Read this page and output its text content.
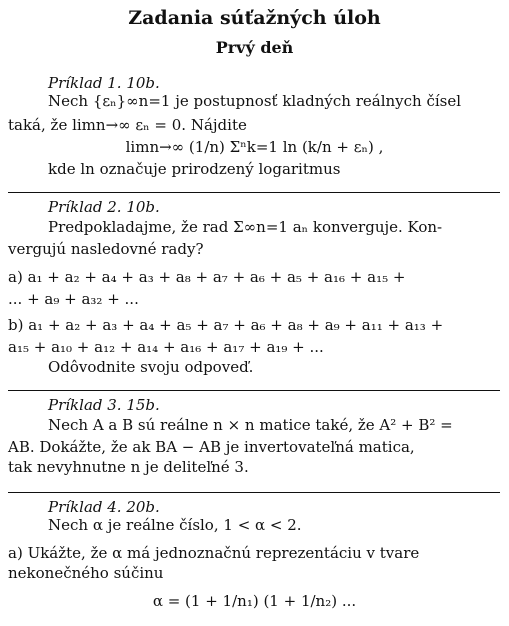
Zadania súťažných úloh
Prvý deň
Príklad 1. 10b.
Nech {εₙ}∞n=1 je postupnosť kladných reálnych čísel
taká, že limn→∞ εₙ = 0. Nájdite
limn→∞ (1/n) Σⁿk=1 ln (k/n + εₙ) ,
kde ln označuje prirodzený logaritmus
Príklad 2. 10b.
Predpokladajme, že rad Σ∞n=1 aₙ konverguje. Kon-
vergujú nasledovné rady?
a) a₁ + a₂ + a₄ + a₃ + a₈ + a₇ + a₆ + a₅ + a₁₆ + a₁₅ +
... + a₉ + a₃₂ + ...
b) a₁ + a₂ + a₃ + a₄ + a₅ + a₇ + a₆ + a₈ + a₉ + a₁₁ + a₁₃ +
a₁₅ + a₁₀ + a₁₂ + a₁₄ + a₁₆ + a₁₇ + a₁₉ + ...
Odôvodnite svoju odpoveď.
Príklad 3. 15b.
Nech A a B sú reálne n × n matice také, že A² + B² =
AB. Dokážte, že ak BA − AB je invertovateľná matica,
tak nevyhnutne n je deliteľné 3.
Príklad 4. 20b.
Nech α je reálne číslo, 1 < α < 2.
a) Ukážte, že α má jednoznačnú reprezentáciu v tvare
nekonečného súčinu
α = (1 + 1/n₁) (1 + 1/n₂) ...
